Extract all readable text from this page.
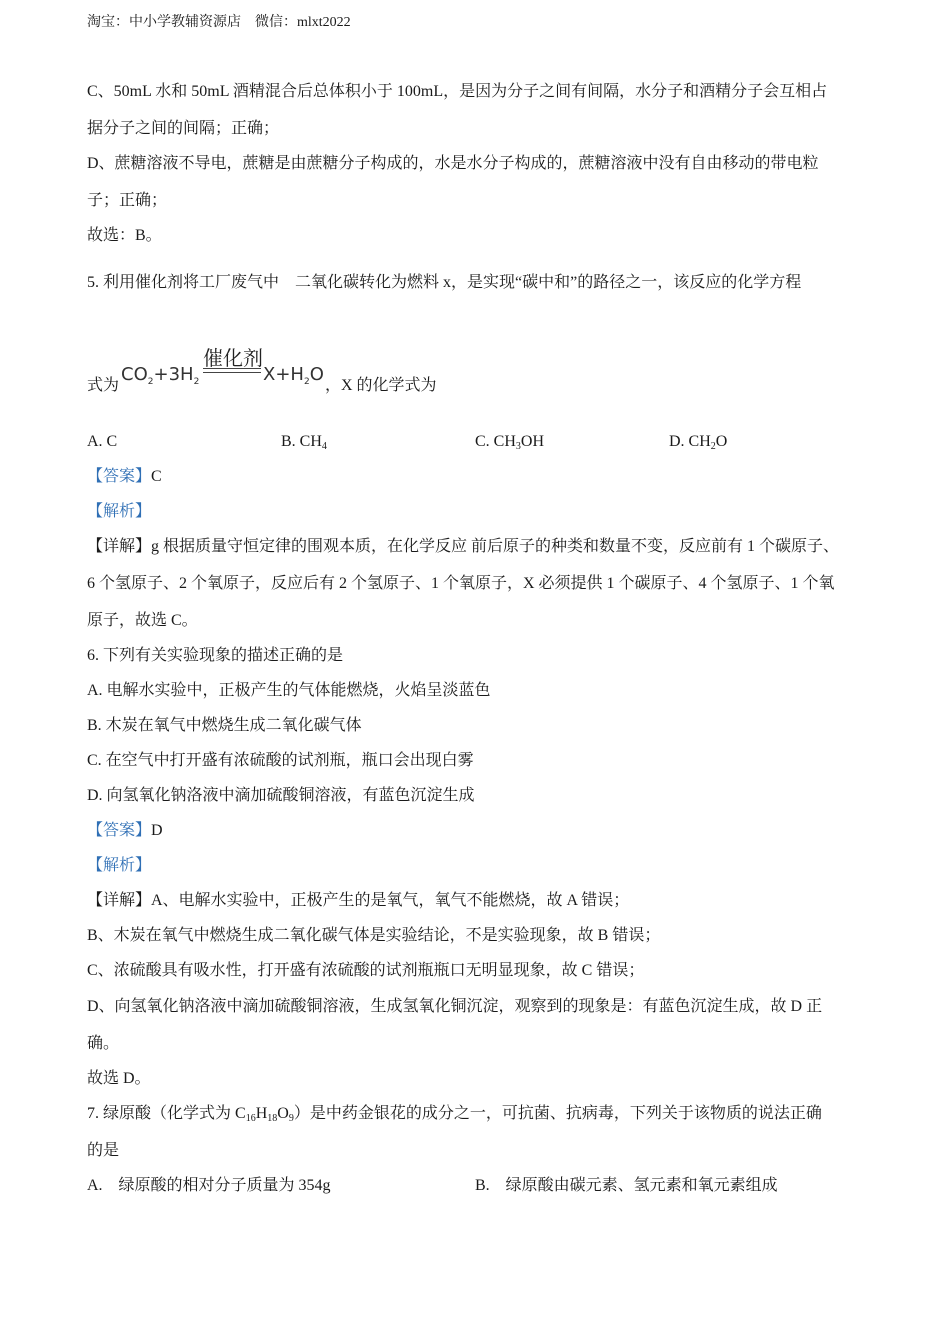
淘宝：中小学教辅资源店　微信：mlxt2022
C、50mL 水和 50mL 酒精混合后总体积小于 100mL，是因为分子之间有间隔，水分子和酒精分子会互相占
据分子之间的间隔；正确；
D、蔗糖溶液不导电，蔗糖是由蔗糖分子构成的，水是水分子构成的，蔗糖溶液中没有自由移动的带电粒
子；正确；
故选：B。
5. 利用催化剂将工厂废气中　二氧化碳转化为燃料 x，是实现“碳中和”的路径之一，该反应的化学方程
式为
$CO_2+3H_2$
催化剂
$X+H_2O$
，X 的化学式为
A. C	B. $CH_4$	C. $CH_3OH$	D. $CH_2O$
【答案】C
【解析】
【详解】g 根据质量守恒定律的围观本质，在化学反应 前后原子的种类和数量不变，反应前有 1 个碳原子、
6 个氢原子、2 个氧原子，反应后有 2 个氢原子、1 个氧原子，X 必须提供 1 个碳原子、4 个氢原子、1 个氧
原子，故选 C。
6. 下列有关实验现象的描述正确的是
A. 电解水实验中，正极产生的气体能燃烧，火焰呈淡蓝色
B. 木炭在氧气中燃烧生成二氧化碳气体
C. 在空气中打开盛有浓硫酸的试剂瓶，瓶口会出现白雾
D. 向氢氧化钠洛液中滴加硫酸铜溶液，有蓝色沉淀生成
【答案】D
【解析】
【详解】A、电解水实验中，正极产生的是氧气，氧气不能燃烧，故 A 错误；
B、木炭在氧气中燃烧生成二氧化碳气体是实验结论，不是实验现象，故 B 错误；
C、浓硫酸具有吸水性，打开盛有浓硫酸的试剂瓶瓶口无明显现象，故 C 错误；
D、向氢氧化钠洛液中滴加硫酸铜溶液，生成氢氧化铜沉淀，观察到的现象是：有蓝色沉淀生成，故 D 正
确。
故选 D。
7. 绿原酸（化学式为 $C_{16}H_{18}O_9$）是中药金银花的成分之一，可抗菌、抗病毒，下列关于该物质的说法正确
的是
A.　绿原酸的相对分子质量为 354g	B.　绿原酸由碳元素、氢元素和氧元素组成
